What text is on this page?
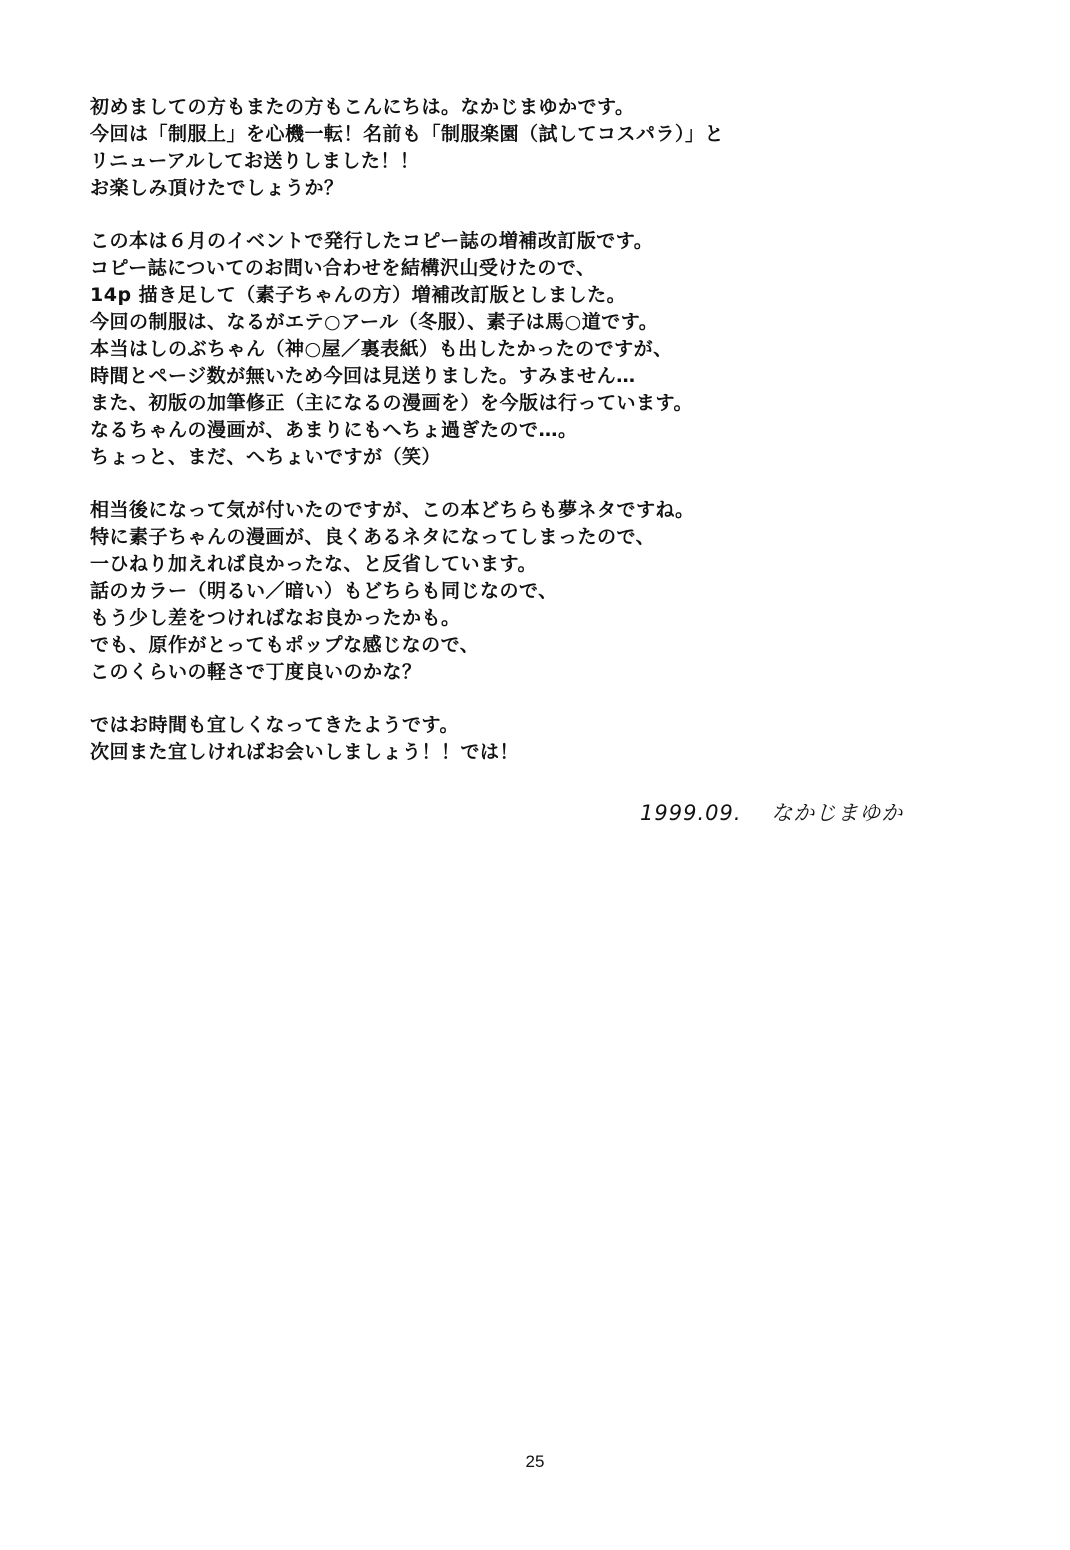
初めましての方もまたの方もこんにちは。なかじまゆかです。
今回は「制服上」を心機一転！名前も「制服楽園（試してコスパラ）」と
リニューアルしてお送りしました！！
お楽しみ頂けたでしょうか？
この本は６月のイベントで発行したコピー誌の増補改訂版です。
コピー誌についてのお問い合わせを結構沢山受けたので、
14p 描き足して（素子ちゃんの方）増補改訂版としました。
今回の制服は、なるがエテ○アール（冬服）、素子は馬○道です。
本当はしのぶちゃん（神○屋／裏表紙）も出したかったのですが、
時間とページ数が無いため今回は見送りました。すみません…
また、初版の加筆修正（主になるの漫画を）を今版は行っています。
なるちゃんの漫画が、あまりにもへちょ過ぎたので…。
ちょっと、まだ、へちょいですが（笑）
相当後になって気が付いたのですが、この本どちらも夢ネタですね。
特に素子ちゃんの漫画が、良くあるネタになってしまったので、
一ひねり加えれば良かったな、と反省しています。
話のカラー（明るい／暗い）もどちらも同じなので、
もう少し差をつければなお良かったかも。
でも、原作がとってもポップな感じなので、
このくらいの軽さで丁度良いのかな？
ではお時間も宜しくなってきたようです。
次回また宜しければお会いしましょう！！では！
1999.09. なかじまゆか
25
